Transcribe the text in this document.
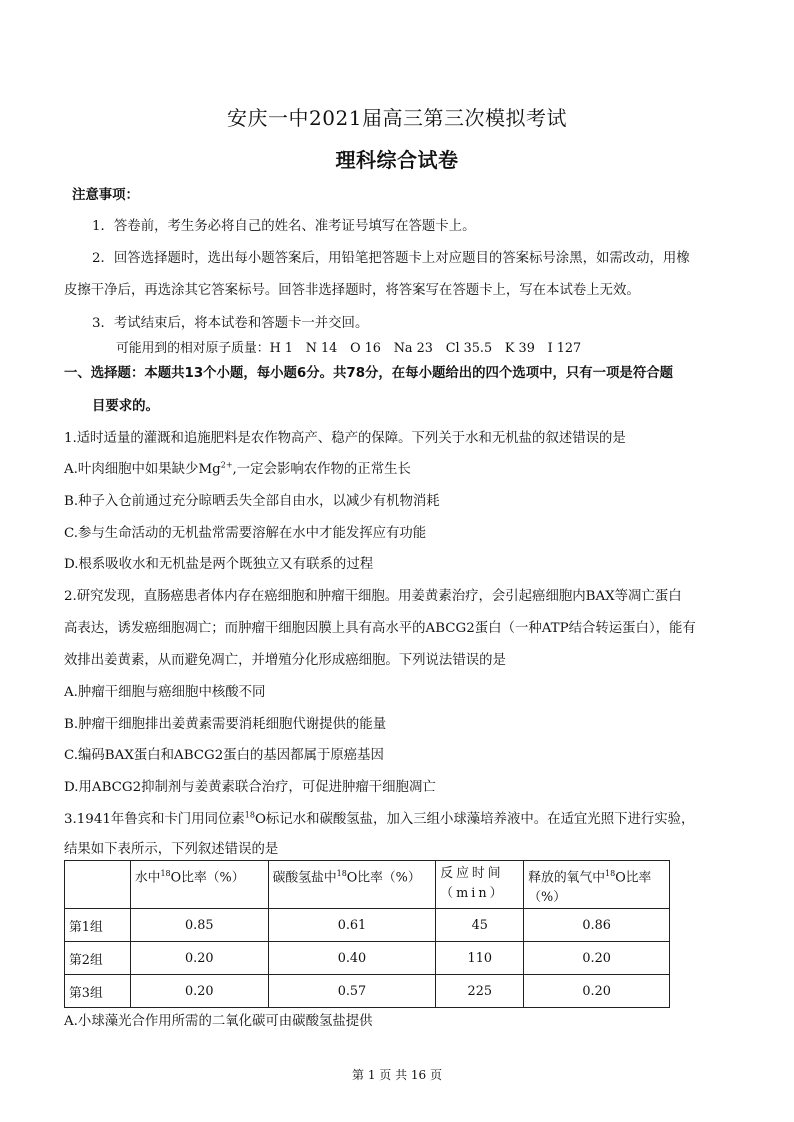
安庆一中2021届高三第三次模拟考试
理科综合试卷
注意事项：
1．答卷前，考生务必将自己的姓名、准考证号填写在答题卡上。
2．回答选择题时，选出每小题答案后，用铅笔把答题卡上对应题目的答案标号涂黑，如需改动，用橡
皮擦干净后，再选涂其它答案标号。回答非选择题时，将答案写在答题卡上，写在本试卷上无效。
3．考试结束后，将本试卷和答题卡一并交回。
可能用到的相对原子质量：H 1　N 14　O 16　Na 23　Cl 35.5　K 39　I 127
一、选择题：本题共13个小题，每小题6分。共78分，在每小题给出的四个选项中，只有一项是符合题
目要求的。
1.适时适量的灌溉和追施肥料是农作物高产、稳产的保障。下列关于水和无机盐的叙述错误的是
A.叶肉细胞中如果缺少$Mg^{2+}$,一定会影响农作物的正常生长
B.种子入仓前通过充分晾晒丢失全部自由水，以减少有机物消耗
C.参与生命活动的无机盐常需要溶解在水中才能发挥应有功能
D.根系吸收水和无机盐是两个既独立又有联系的过程
2.研究发现，直肠癌患者体内存在癌细胞和肿瘤干细胞。用姜黄素治疗，会引起癌细胞内BAX等凋亡蛋白
高表达，诱发癌细胞凋亡；而肿瘤干细胞因膜上具有高水平的ABCG2蛋白（一种ATP结合转运蛋白），能有
效排出姜黄素，从而避免凋亡，并增殖分化形成癌细胞。下列说法错误的是
A.肿瘤干细胞与癌细胞中核酸不同
B.肿瘤干细胞排出姜黄素需要消耗细胞代谢提供的能量
C.编码BAX蛋白和ABCG2蛋白的基因都属于原癌基因
D.用ABCG2抑制剂与姜黄素联合治疗，可促进肿瘤干细胞凋亡
3.1941年鲁宾和卡门用同位素$^{18}$O标记水和碳酸氢盐，加入三组小球藻培养液中。在适宜光照下进行实验，
结果如下表所示，下列叙述错误的是
	水中$^{18}$O比率（%）	碳酸氢盐中$^{18}$O比率（%）	反应时间（min）	释放的氧气中$^{18}$O比率（%）
第1组	0.85	0.61	45	0.86
第2组	0.20	0.40	110	0.20
第3组	0.20	0.57	225	0.20
A.小球藻光合作用所需的二氧化碳可由碳酸氢盐提供
第 1 页 共 16 页
